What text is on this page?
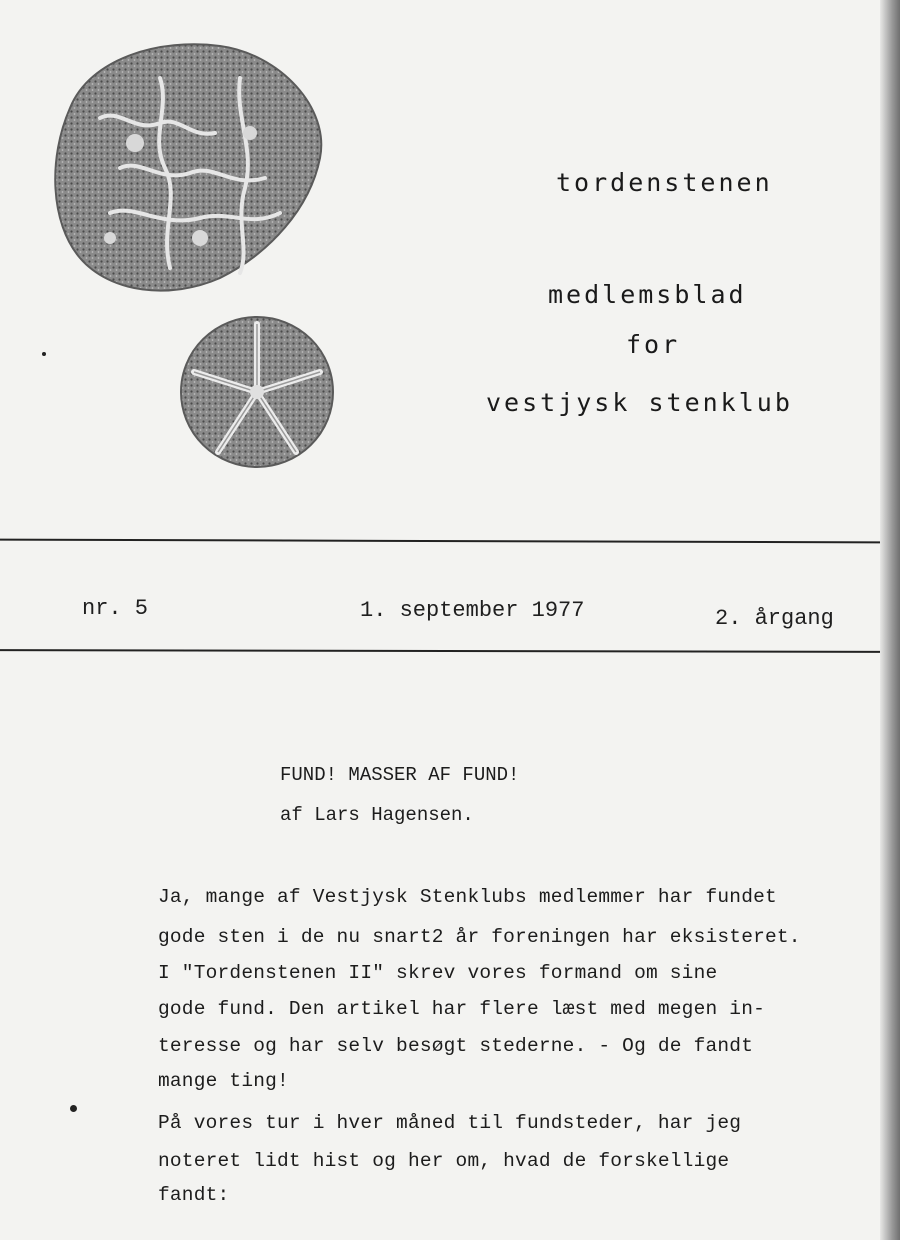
tordenstenen
medlemsblad
for
vestjysk stenklub
nr. 5	1. september 1977	2. årgang
FUND! MASSER AF FUND!
af Lars Hagensen.
Ja, mange af Vestjysk Stenklubs medlemmer har fundet
gode sten i de nu snart2 år foreningen har eksisteret.
I "Tordenstenen II" skrev vores formand om sine
gode fund. Den artikel har flere læst med megen in-
teresse og har selv besøgt stederne. - Og de fandt
mange ting!
På vores tur i hver måned til fundsteder, har jeg
noteret lidt hist og her om, hvad de forskellige
fandt:
